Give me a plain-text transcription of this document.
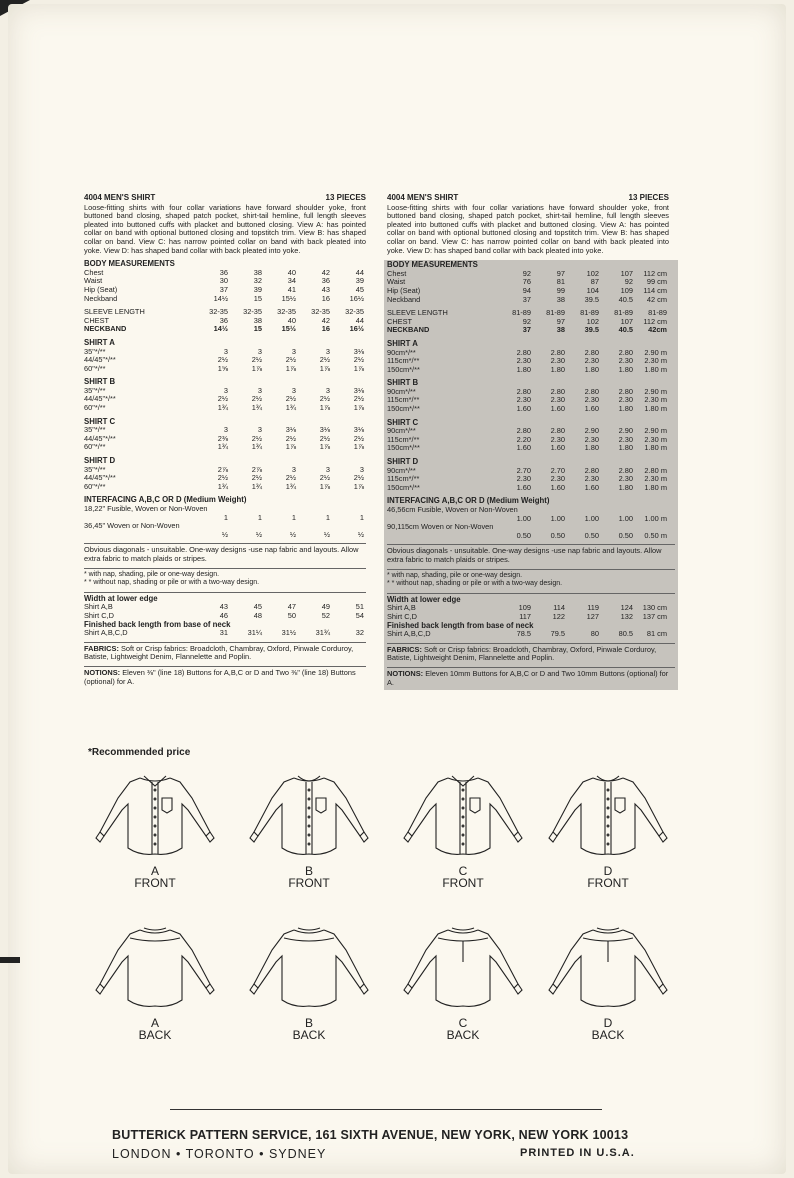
4004 MEN'S SHIRT	13 PIECES
Loose-fitting shirts with four collar variations have forward shoulder yoke, front buttoned band closing, shaped patch pocket, shirt-tail hemline, full length sleeves pleated into buttoned cuffs with placket and buttoned closing. View A: has pointed collar on band with optional buttoned closing and topstitch trim. View B: has shaped collar on band. View C: has narrow pointed collar on band with back pleated into yoke. View D: has shaped band collar with back pleated into yoke.
BODY MEASUREMENTS
Chest	36	38	40	42	44
Waist	30	32	34	36	39
Hip (Seat)	37	39	41	43	45
Neckband	14½	15	15½	16	16½
SLEEVE LENGTH	32-35	32-35	32-35	32-35	32-35
CHEST	36	38	40	42	44
NECKBAND	14½	15	15½	16	16½
SHIRT A
35"*/**	3	3	3	3	3⅛
44/45"*/**	2½	2½	2½	2½	2½
60"*/**	1⅝	1⅞	1⅞	1⅞	1⅞
SHIRT B
35"*/**	3	3	3	3	3⅛
44/45"*/**	2½	2½	2½	2½	2½
60"*/**	1¾	1¾	1¾	1⅞	1⅞
SHIRT C
35"*/**	3	3	3⅛	3⅛	3⅛
44/45"*/**	2⅜	2½	2½	2½	2½
60"*/**	1¾	1¾	1⅞	1⅞	1⅞
SHIRT D
35"*/**	2⅞	2⅞	3	3	3
44/45"*/**	2½	2½	2½	2½	2½
60"*/**	1¾	1¾	1¾	1⅞	1⅞
INTERFACING A,B,C OR D (Medium Weight)
18,22" Fusible, Woven or Non-Woven
1	1	1	1	1
36,45" Woven or Non-Woven
½	½	½	½	½
Obvious diagonals - unsuitable. One-way designs -use nap fabric and layouts. Allow extra fabric to match plaids or stripes.
* with nap, shading, pile or one-way design.
* * without nap, shading or pile or with a two-way design.
Width at lower edge
Shirt A,B	43	45	47	49	51
Shirt C,D	46	48	50	52	54
Finished back length from base of neck
Shirt A,B,C,D	31	31¼	31½	31¾	32
FABRICS: Soft or Crisp fabrics: Broadcloth, Chambray, Oxford, Pinwale Corduroy, Batiste, Lightweight Denim, Flannelette and Poplin.
NOTIONS: Eleven ⅜" (line 18) Buttons for A,B,C or D and Two ⅜" (line 18) Buttons (optional) for A.
4004 MEN'S SHIRT	13 PIECES
Loose-fitting shirts with four collar variations have forward shoulder yoke, front buttoned band closing, shaped patch pocket, shirt-tail hemline, full length sleeves pleated into buttoned cuffs with placket and buttoned closing. View A: has pointed collar on band with optional buttoned closing and topstitch trim. View B: has shaped collar on band. View C: has narrow pointed collar on band with back pleated into yoke. View D: has shaped band collar with back pleated into yoke.
BODY MEASUREMENTS
Chest	92	97	102	107	112 cm
Waist	76	81	87	92	99 cm
Hip (Seat)	94	99	104	109	114 cm
Neckband	37	38	39.5	40.5	42 cm
SLEEVE LENGTH	81-89	81-89	81-89	81-89	81-89
CHEST	92	97	102	107	112 cm
NECKBAND	37	38	39.5	40.5	42cm
SHIRT A
90cm*/**	2.80	2.80	2.80	2.80	2.90 m
115cm*/**	2.30	2.30	2.30	2.30	2.30 m
150cm*/**	1.80	1.80	1.80	1.80	1.80 m
SHIRT B
90cm*/**	2.80	2.80	2.80	2.80	2.90 m
115cm*/**	2.30	2.30	2.30	2.30	2.30 m
150cm*/**	1.60	1.60	1.60	1.80	1.80 m
SHIRT C
90cm*/**	2.80	2.80	2.90	2.90	2.90 m
115cm*/**	2.20	2.30	2.30	2.30	2.30 m
150cm*/**	1.60	1.60	1.80	1.80	1.80 m
SHIRT D
90cm*/**	2.70	2.70	2.80	2.80	2.80 m
115cm*/**	2.30	2.30	2.30	2.30	2.30 m
150cm*/**	1.60	1.60	1.60	1.80	1.80 m
INTERFACING A,B,C OR D (Medium Weight)
46,56cm Fusible, Woven or Non-Woven
1.00	1.00	1.00	1.00	1.00 m
90,115cm Woven or Non-Woven
0.50	0.50	0.50	0.50	0.50 m
Obvious diagonals - unsuitable. One-way designs -use nap fabric and layouts. Allow extra fabric to match plaids or stripes.
* with nap, shading, pile or one-way design.
* * without nap, shading or pile or with a two-way design.
Width at lower edge
Shirt A,B	109	114	119	124	130 cm
Shirt C,D	117	122	127	132	137 cm
Finished back length from base of neck
Shirt A,B,C,D	78.5	79.5	80	80.5	81 cm
FABRICS: Soft or Crisp fabrics: Broadcloth, Chambray, Oxford, Pinwale Corduroy, Batiste, Lightweight Denim, Flannelette and Poplin.
NOTIONS: Eleven 10mm Buttons for A,B,C or D and Two 10mm Buttons (optional) for A.
*Recommended price
A
FRONT
B
FRONT
C
FRONT
D
FRONT
A
BACK
B
BACK
C
BACK
D
BACK
BUTTERICK PATTERN SERVICE, 161 SIXTH AVENUE, NEW YORK, NEW YORK 10013
LONDON • TORONTO • SYDNEY	PRINTED IN U.S.A.
